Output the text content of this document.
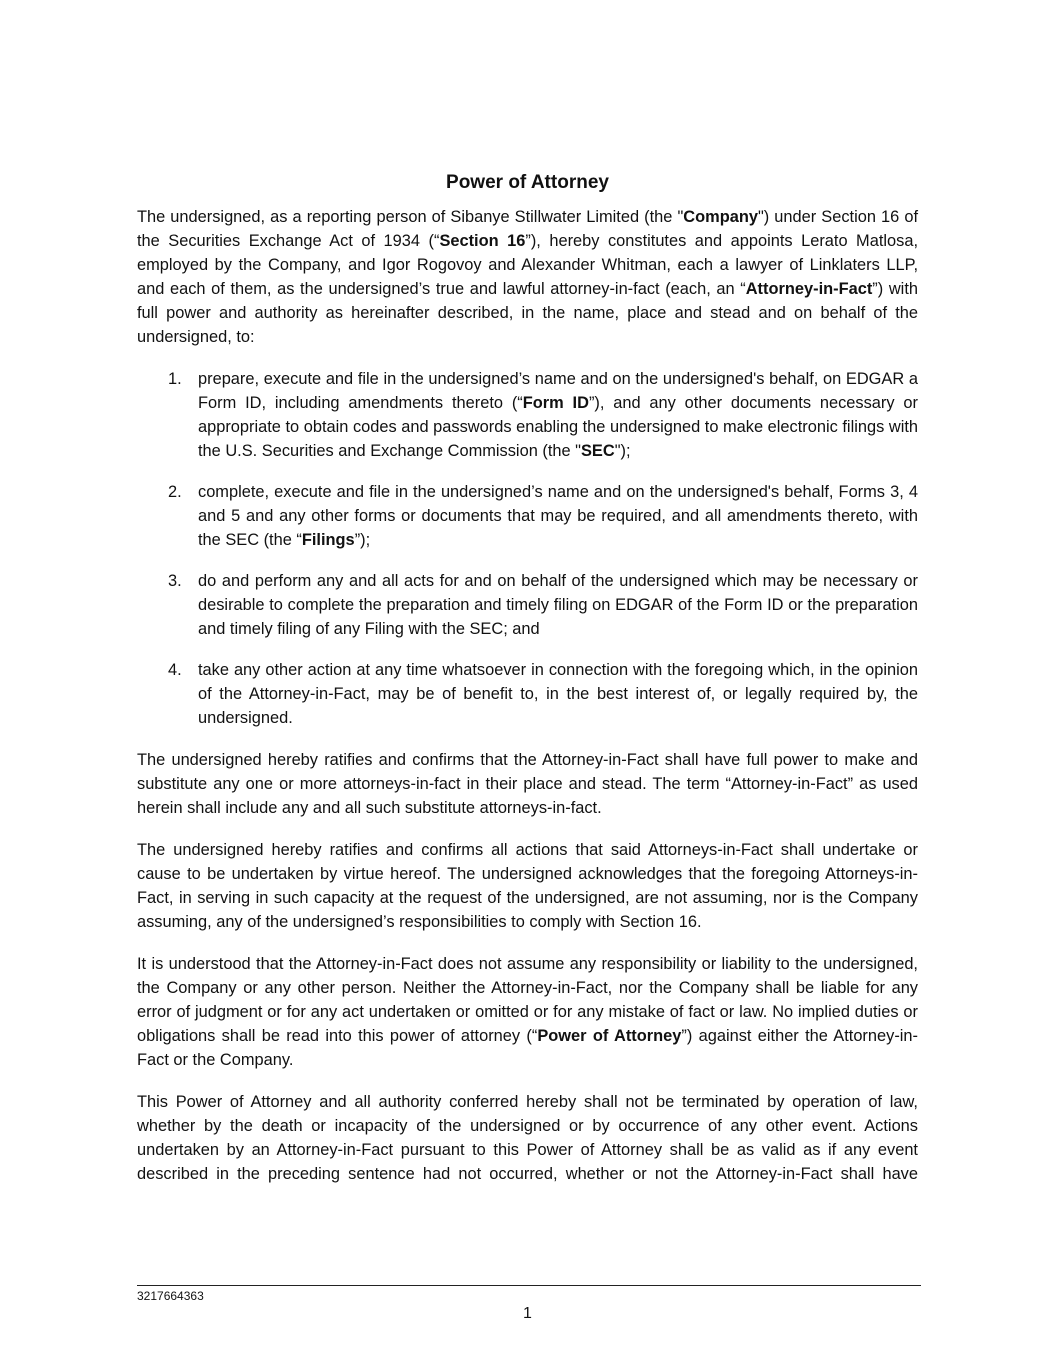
Power of Attorney

The undersigned, as a reporting person of Sibanye Stillwater Limited (the "Company") under Section 16 of the Securities Exchange Act of 1934 (“Section 16”), hereby constitutes and appoints Lerato Matlosa, employed by the Company, and Igor Rogovoy and Alexander Whitman, each a lawyer of Linklaters LLP, and each of them, as the undersigned’s true and lawful attorney-in-fact (each, an “Attorney-in-Fact”) with full power and authority as hereinafter described, in the name, place and stead and on behalf of the undersigned, to:

1. prepare, execute and file in the undersigned’s name and on the undersigned's behalf, on EDGAR a Form ID, including amendments thereto (“Form ID”), and any other documents necessary or appropriate to obtain codes and passwords enabling the undersigned to make electronic filings with the U.S. Securities and Exchange Commission (the "SEC");
2. complete, execute and file in the undersigned’s name and on the undersigned's behalf, Forms 3, 4 and 5 and any other forms or documents that may be required, and all amendments thereto, with the SEC (the “Filings”);
3. do and perform any and all acts for and on behalf of the undersigned which may be necessary or desirable to complete the preparation and timely filing on EDGAR of the Form ID or the preparation and timely filing of any Filing with the SEC; and
4. take any other action at any time whatsoever in connection with the foregoing which, in the opinion of the Attorney-in-Fact, may be of benefit to, in the best interest of, or legally required by, the undersigned.

The undersigned hereby ratifies and confirms that the Attorney-in-Fact shall have full power to make and substitute any one or more attorneys-in-fact in their place and stead. The term “Attorney-in-Fact” as used herein shall include any and all such substitute attorneys-in-fact.

The undersigned hereby ratifies and confirms all actions that said Attorneys-in-Fact shall undertake or cause to be undertaken by virtue hereof. The undersigned acknowledges that the foregoing Attorneys-in-Fact, in serving in such capacity at the request of the undersigned, are not assuming, nor is the Company assuming, any of the undersigned’s responsibilities to comply with Section 16.

It is understood that the Attorney-in-Fact does not assume any responsibility or liability to the undersigned, the Company or any other person. Neither the Attorney-in-Fact, nor the Company shall be liable for any error of judgment or for any act undertaken or omitted or for any mistake of fact or law. No implied duties or obligations shall be read into this power of attorney (“Power of Attorney”) against either the Attorney-in-Fact or the Company.

This Power of Attorney and all authority conferred hereby shall not be terminated by operation of law, whether by the death or incapacity of the undersigned or by occurrence of any other event. Actions undertaken by an Attorney-in-Fact pursuant to this Power of Attorney shall be as valid as if any event described in the preceding sentence had not occurred, whether or not the Attorney-in-Fact shall have

3217664363
1
